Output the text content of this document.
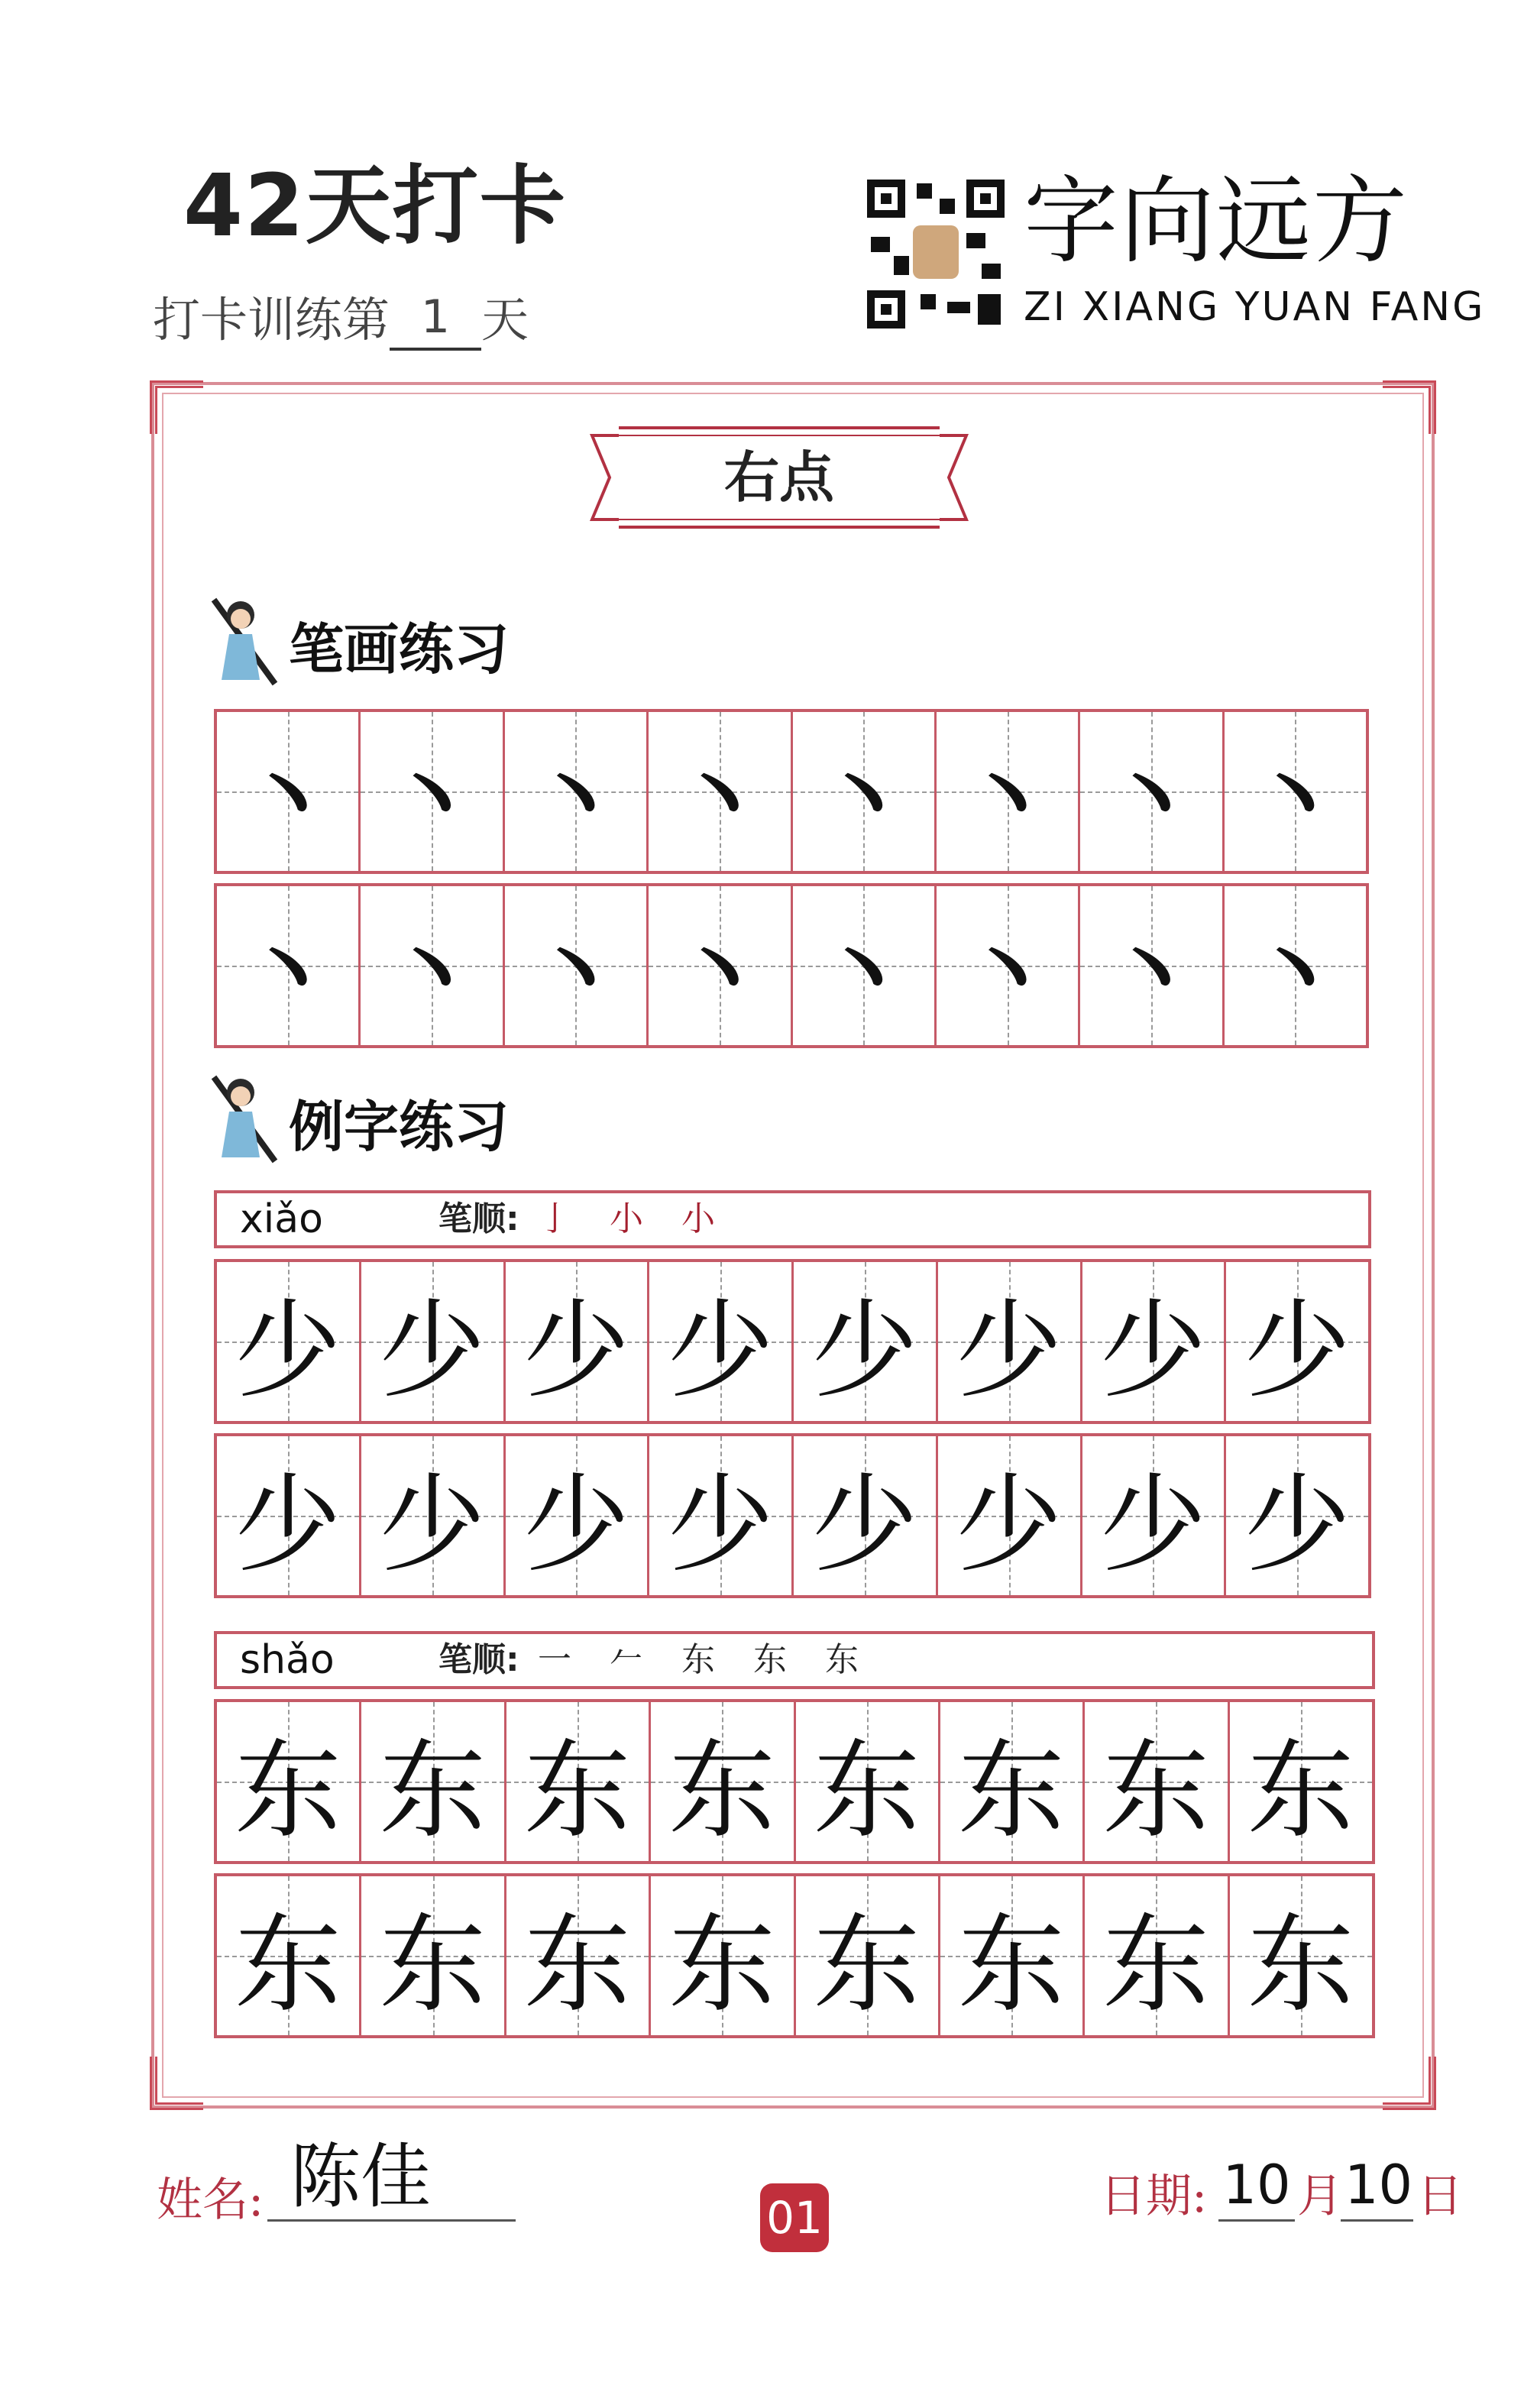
42天打卡
打卡训练第 1 天
字向远方
ZI XIANG YUAN FANG
右点
笔画练习
丶 丶 丶 丶 丶 丶 丶 丶
丶 丶 丶 丶 丶 丶 丶 丶
例字练习
xiǎo	笔顺: 亅 小 小
少 少 少 少 少 少 少 少
少 少 少 少 少 少 少 少
shǎo	笔顺: 一 𠂉 东 东 东
东 东 东 东 东 东 东 东
东 东 东 东 东 东 东 东
姓名: 陈佳	01	日期: 10 月 10 日
